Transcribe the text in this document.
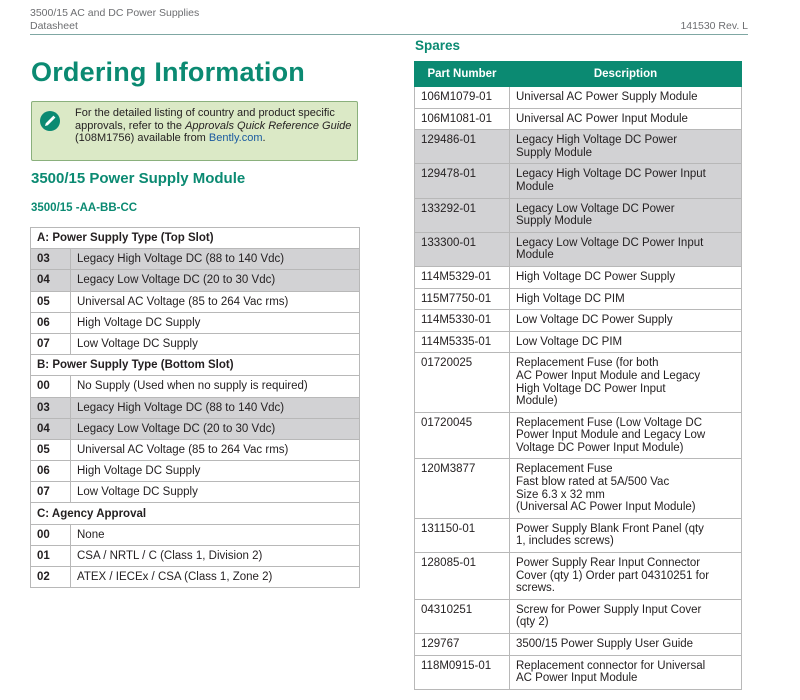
3500/15 AC and DC Power Supplies
Datasheet	141530 Rev. L
Ordering Information
For the detailed listing of country and product specific approvals, refer to the Approvals Quick Reference Guide (108M1756) available from Bently.com.
3500/15 Power Supply Module
3500/15 -AA-BB-CC
A: Power Supply Type (Top Slot)	
03	Legacy High Voltage DC (88 to 140 Vdc)
04	Legacy Low Voltage DC (20 to 30 Vdc)
05	Universal AC Voltage (85 to 264 Vac rms)
06	High Voltage DC Supply
07	Low Voltage DC Supply
B: Power Supply Type (Bottom Slot)	
00	No Supply (Used when no supply is required)
03	Legacy High Voltage DC (88 to 140 Vdc)
04	Legacy Low Voltage DC (20 to 30 Vdc)
05	Universal AC Voltage (85 to 264 Vac rms)
06	High Voltage DC Supply
07	Low Voltage DC Supply
C: Agency Approval	
00	None
01	CSA / NRTL / C (Class 1, Division 2)
02	ATEX / IECEx / CSA (Class 1, Zone 2)
Spares
Part Number	Description
106M1079-01	Universal AC Power Supply Module

106M1081-01	Universal AC Power Input Module

129486-01	Legacy High Voltage DC Power
Supply Module

129478-01	Legacy High Voltage DC Power Input
Module

133292-01	Legacy Low Voltage DC Power
Supply Module

133300-01	Legacy Low Voltage DC Power Input
Module

114M5329-01	High Voltage DC Power Supply

115M7750-01	High Voltage DC PIM

114M5330-01	Low Voltage DC Power Supply

114M5335-01	Low Voltage DC PIM

01720025	Replacement Fuse (for both
AC Power Input Module and Legacy
High Voltage DC Power Input
Module)

01720045	Replacement Fuse (Low Voltage DC
Power Input Module and Legacy Low
Voltage DC Power Input Module)

120M3877	Replacement Fuse
Fast blow rated at 5A/500 Vac
Size 6.3 x 32 mm
(Universal AC Power Input Module)

131150-01	Power Supply Blank Front Panel (qty
1, includes screws)

128085-01	Power Supply Rear Input Connector
Cover (qty 1) Order part 04310251 for
screws.

04310251	Screw for Power Supply Input Cover
(qty 2)

129767	3500/15 Power Supply User Guide

118M0915-01	Replacement connector for Universal
AC Power Input Module
